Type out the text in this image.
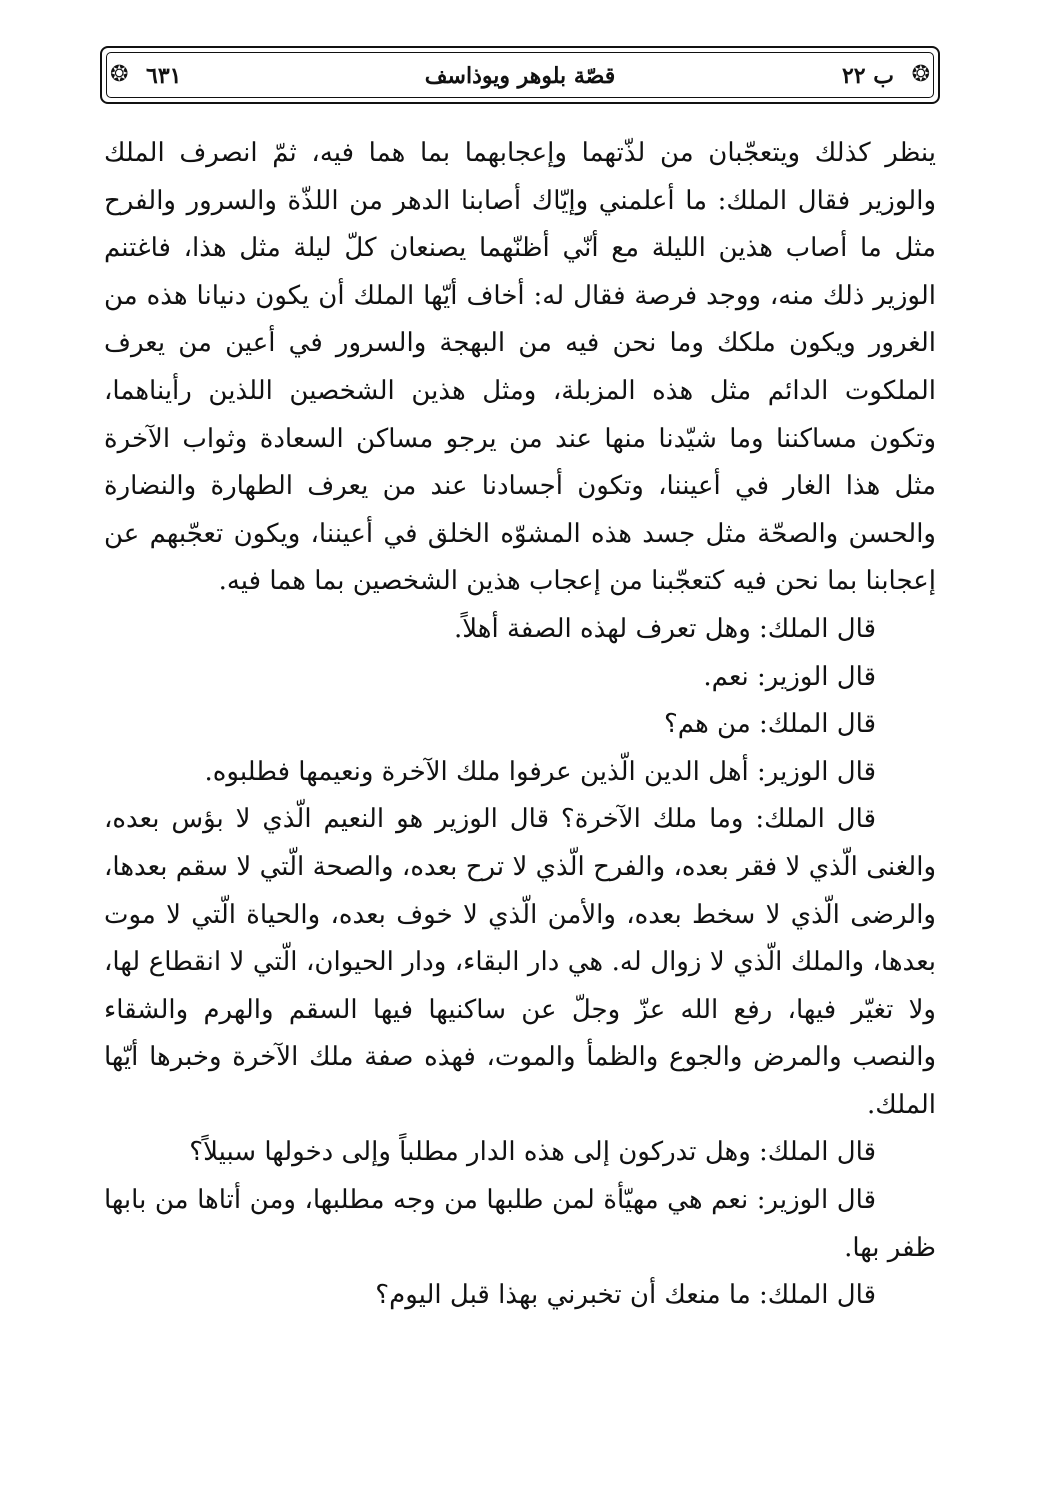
❂
ب ٢٢
قصّة بلوهر ويوذاسف
٦٣١
❂

ينظر كذلك ويتعجّبان من لذّتهما وإعجابهما بما هما فيه، ثمّ انصرف الملك والوزير فقال الملك: ما أعلمني وإيّاك أصابنا الدهر من اللذّة والسرور والفرح مثل ما أصاب هذين الليلة مع أنّي أظنّهما يصنعان كلّ ليلة مثل هذا، فاغتنم الوزير ذلك منه، ووجد فرصة فقال له: أخاف أيّها الملك أن يكون دنيانا هذه من الغرور ويكون ملكك وما نحن فيه من البهجة والسرور في أعين من يعرف الملكوت الدائم مثل هذه المزبلة، ومثل هذين الشخصين اللذين رأيناهما، وتكون مساكننا وما شيّدنا منها عند من يرجو مساكن السعادة وثواب الآخرة مثل هذا الغار في أعيننا، وتكون أجسادنا عند من يعرف الطهارة والنضارة والحسن والصحّة مثل جسد هذه المشوّه الخلق في أعيننا، ويكون تعجّبهم عن إعجابنا بما نحن فيه كتعجّبنا من إعجاب هذين الشخصين بما هما فيه.

قال الملك: وهل تعرف لهذه الصفة أهلاً.

قال الوزير: نعم.

قال الملك: من هم؟

قال الوزير: أهل الدين الّذين عرفوا ملك الآخرة ونعيمها فطلبوه.

قال الملك: وما ملك الآخرة؟ قال الوزير هو النعيم الّذي لا بؤس بعده، والغنى الّذي لا فقر بعده، والفرح الّذي لا ترح بعده، والصحة الّتي لا سقم بعدها، والرضى الّذي لا سخط بعده، والأمن الّذي لا خوف بعده، والحياة الّتي لا موت بعدها، والملك الّذي لا زوال له. هي دار البقاء، ودار الحيوان، الّتي لا انقطاع لها، ولا تغيّر فيها، رفع الله عزّ وجلّ عن ساكنيها فيها السقم والهرم والشقاء والنصب والمرض والجوع والظمأ والموت، فهذه صفة ملك الآخرة وخبرها أيّها الملك.

قال الملك: وهل تدركون إلى هذه الدار مطلباً وإلى دخولها سبيلاً؟

قال الوزير: نعم هي مهيّأة لمن طلبها من وجه مطلبها، ومن أتاها من بابها ظفر بها.

قال الملك: ما منعك أن تخبرني بهذا قبل اليوم؟
